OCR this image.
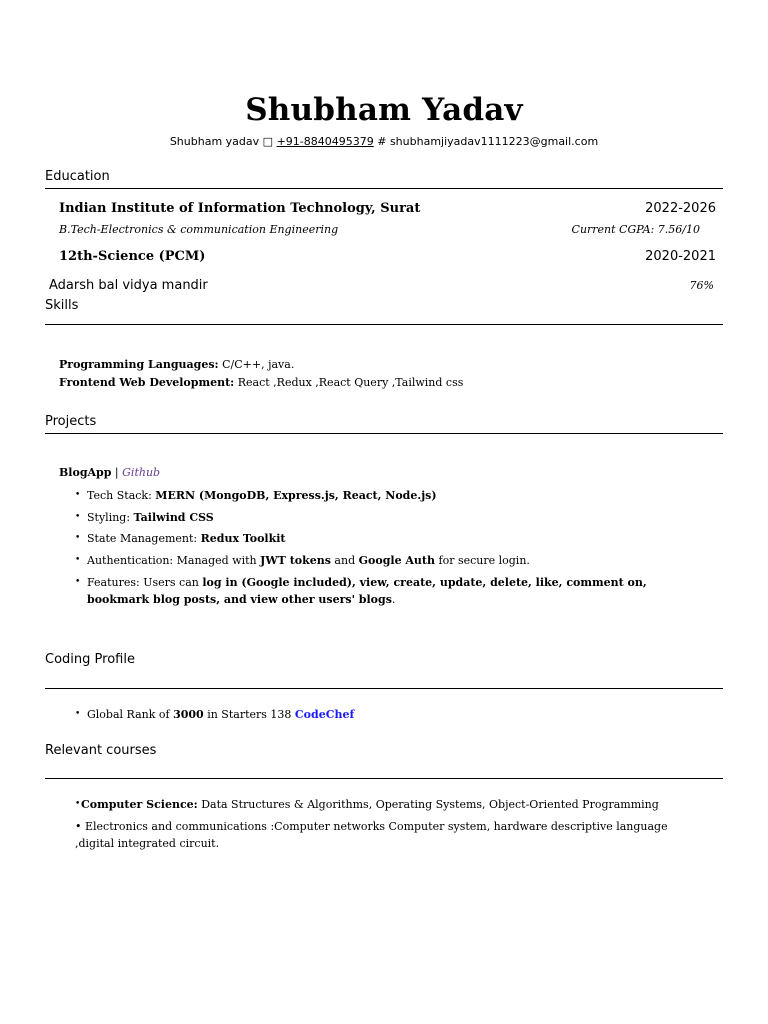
Shubham Yadav
Shubham yadav □ +91-8840495379 # shubhamjiyadav1111223@gmail.com
Education
Indian Institute of Information Technology, Surat	2022-2026
B.Tech-Electronics & communication Engineering	Current CGPA: 7.56/10
12th-Science (PCM)	2020-2021
Adarsh bal vidya mandir	76%
Skills
Programming Languages: C/C++, java.
Frontend Web Development: React ,Redux ,React Query ,Tailwind css
Projects
BlogApp | Github
• Tech Stack: MERN (MongoDB, Express.js, React, Node.js)
• Styling: Tailwind CSS
• State Management: Redux Toolkit
• Authentication: Managed with JWT tokens and Google Auth for secure login.
• Features: Users can log in (Google included), view, create, update, delete, like, comment on, bookmark blog posts, and view other users' blogs.
Coding Profile
• Global Rank of 3000 in Starters 138 CodeChef
Relevant courses
• Computer Science: Data Structures & Algorithms, Operating Systems, Object-Oriented Programming
• Electronics and communications :Computer networks Computer system, hardware descriptive language ,digital integrated circuit.
